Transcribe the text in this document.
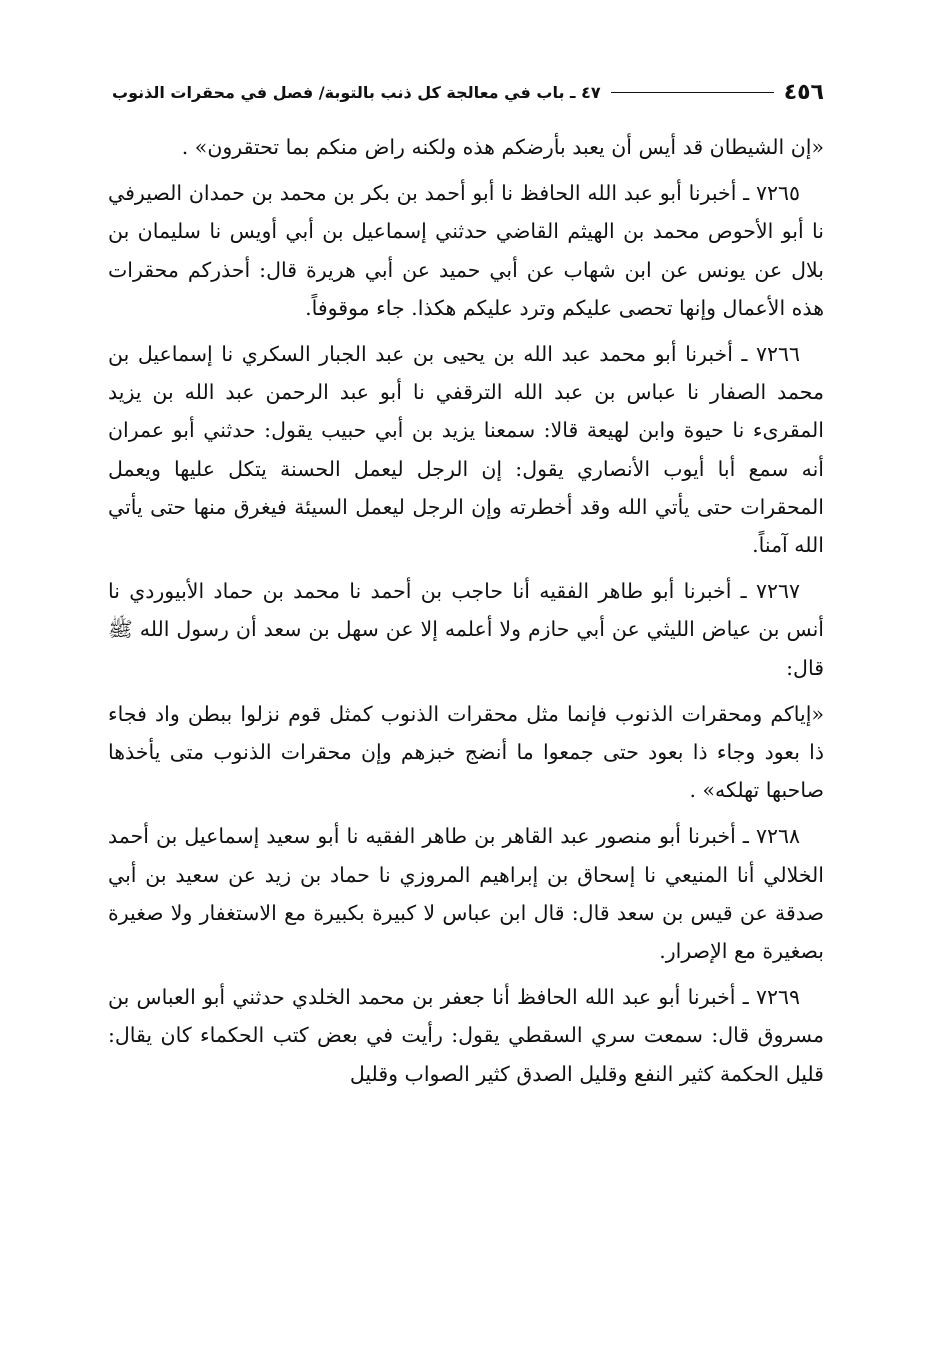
٤٥٦
٤٧ ـ باب في معالجة كل ذنب بالتوبة/ فصل في محقرات الذنوب

«إن الشيطان قد أيس أن يعبد بأرضكم هذه ولكنه راض منكم بما تحتقرون» .

٧٢٦٥ ـ أخبرنا أبو عبد الله الحافظ نا أبو أحمد بن بكر بن محمد بن حمدان الصيرفي نا أبو الأحوص محمد بن الهيثم القاضي حدثني إسماعيل بن أبي أويس نا سليمان بن بلال عن يونس عن ابن شهاب عن أبي حميد عن أبي هريرة قال: أحذركم محقرات هذه الأعمال وإنها تحصى عليكم وترد عليكم هكذا. جاء موقوفاً.

٧٢٦٦ ـ أخبرنا أبو محمد عبد الله بن يحيى بن عبد الجبار السكري نا إسماعيل بن محمد الصفار نا عباس بن عبد الله الترقفي نا أبو عبد الرحمن عبد الله بن يزيد المقرىء نا حيوة وابن لهيعة قالا: سمعنا يزيد بن أبي حبيب يقول: حدثني أبو عمران أنه سمع أبا أيوب الأنصاري يقول: إن الرجل ليعمل الحسنة يتكل عليها ويعمل المحقرات حتى يأتي الله وقد أخطرته وإن الرجل ليعمل السيئة فيغرق منها حتى يأتي الله آمناً.

٧٢٦٧ ـ أخبرنا أبو طاهر الفقيه أنا حاجب بن أحمد نا محمد بن حماد الأبيوردي نا أنس بن عياض الليثي عن أبي حازم ولا أعلمه إلا عن سهل بن سعد أن رسول الله ﷺ قال:

«إياكم ومحقرات الذنوب فإنما مثل محقرات الذنوب كمثل قوم نزلوا ببطن واد فجاء ذا بعود وجاء ذا بعود حتى جمعوا ما أنضج خبزهم وإن محقرات الذنوب متى يأخذها صاحبها تهلكه» .

٧٢٦٨ ـ أخبرنا أبو منصور عبد القاهر بن طاهر الفقيه نا أبو سعيد إسماعيل بن أحمد الخلالي أنا المنيعي نا إسحاق بن إبراهيم المروزي نا حماد بن زيد عن سعيد بن أبي صدقة عن قيس بن سعد قال: قال ابن عباس لا كبيرة بكبيرة مع الاستغفار ولا صغيرة بصغيرة مع الإصرار.

٧٢٦٩ ـ أخبرنا أبو عبد الله الحافظ أنا جعفر بن محمد الخلدي حدثني أبو العباس بن مسروق قال: سمعت سري السقطي يقول: رأيت في بعض كتب الحكماء كان يقال: قليل الحكمة كثير النفع وقليل الصدق كثير الصواب وقليل
